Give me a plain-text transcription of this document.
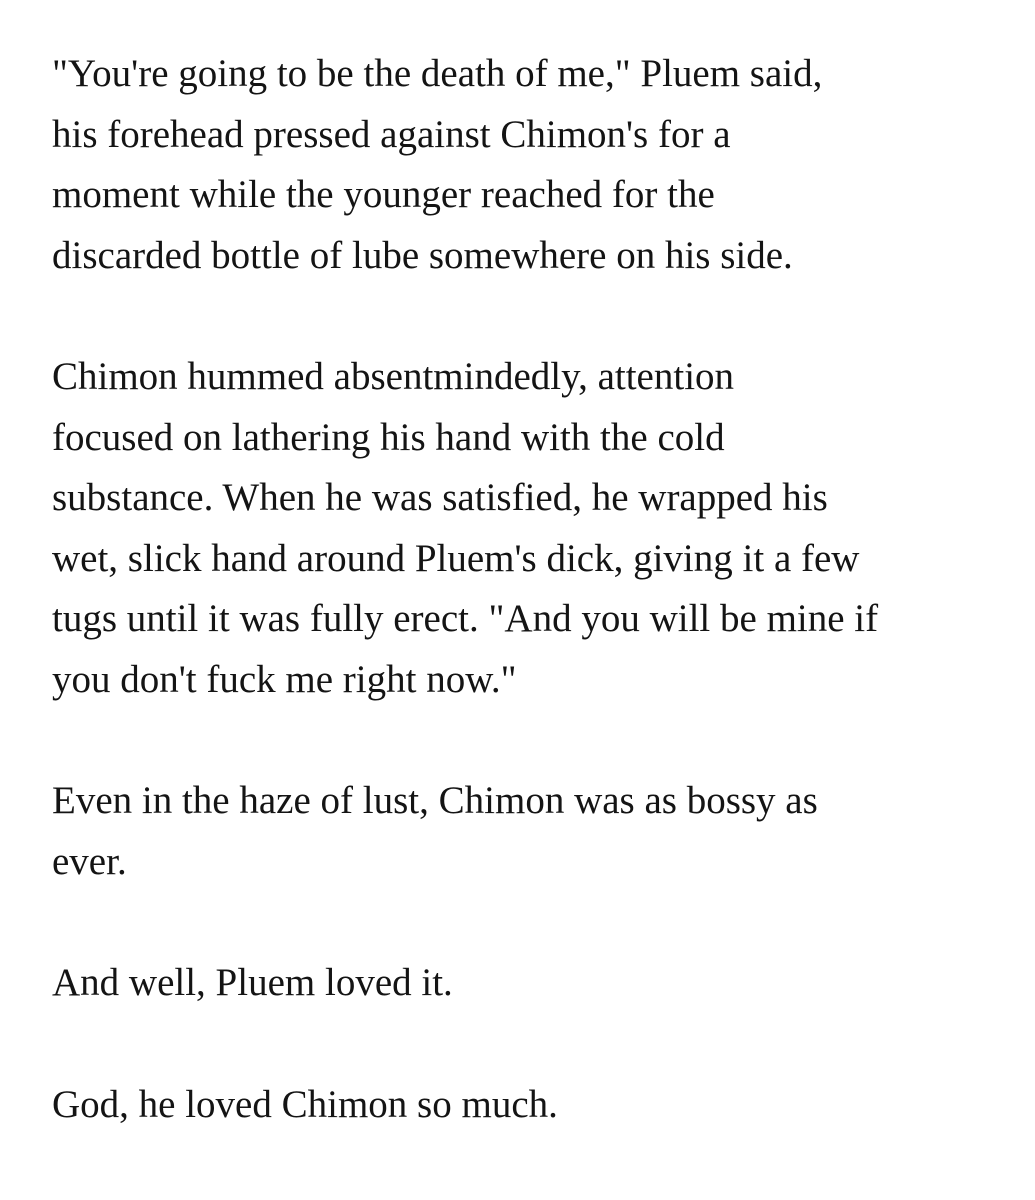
"You're going to be the death of me," Pluem said,
his forehead pressed against Chimon's for a
moment while the younger reached for the
discarded bottle of lube somewhere on his side.

Chimon hummed absentmindedly, attention
focused on lathering his hand with the cold
substance. When he was satisfied, he wrapped his
wet, slick hand around Pluem's dick, giving it a few
tugs until it was fully erect. "And you will be mine if
you don't fuck me right now."

Even in the haze of lust, Chimon was as bossy as
ever.

And well, Pluem loved it.

God, he loved Chimon so much.
